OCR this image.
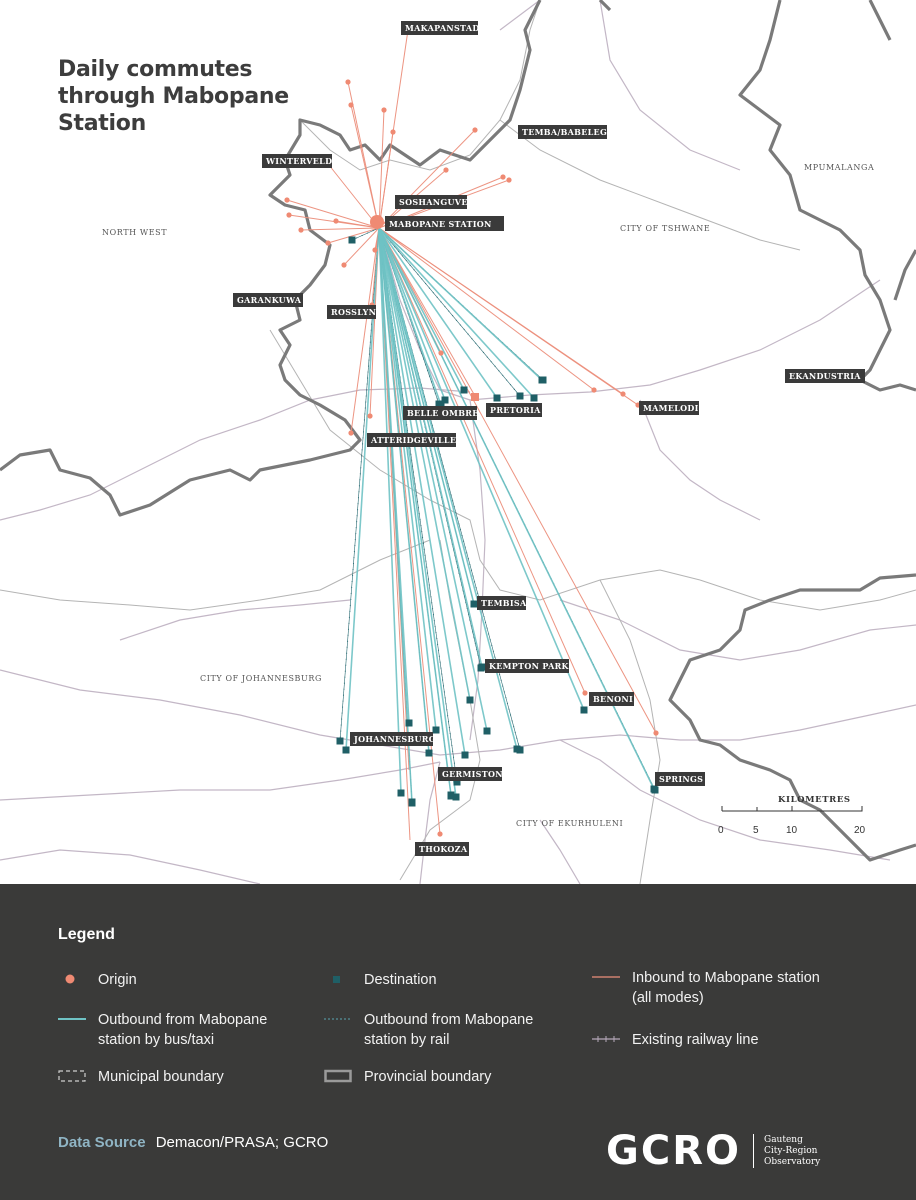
NORTH WEST	CITY OF TSHWANE
MPUMALANGA
CITY OF JOHANNESBURG
CITY OF EKURHULENI
MAKAPANSTAD
TEMBA/BABELEGI
WINTERVELD
SOSHANGUVE
MABOPANE STATION
GARANKUWA
ROSSLYN
EKANDUSTRIA
MAMELODI
BELLE OMBRE PRETORIA
ATTERIDGEVILLE
TEMBISA
KEMPTON PARK
BENONI
JOHANNESBURG
GERMISTON	SPRINGS
THOKOZA
KILOMETRES
0	5	10	20
Daily commutes through Mabopane Station
Legend
Origin	Destination	Inbound to Mabopane station (all modes)
Outbound from Mabopane station by bus/taxi
Outbound from Mabopane station by rail	Existing railway line
Municipal boundary	Provincial boundary
Data Source Demacon/PRASA; GCRO	GCRO	Gauteng
City-Region
Observatory
